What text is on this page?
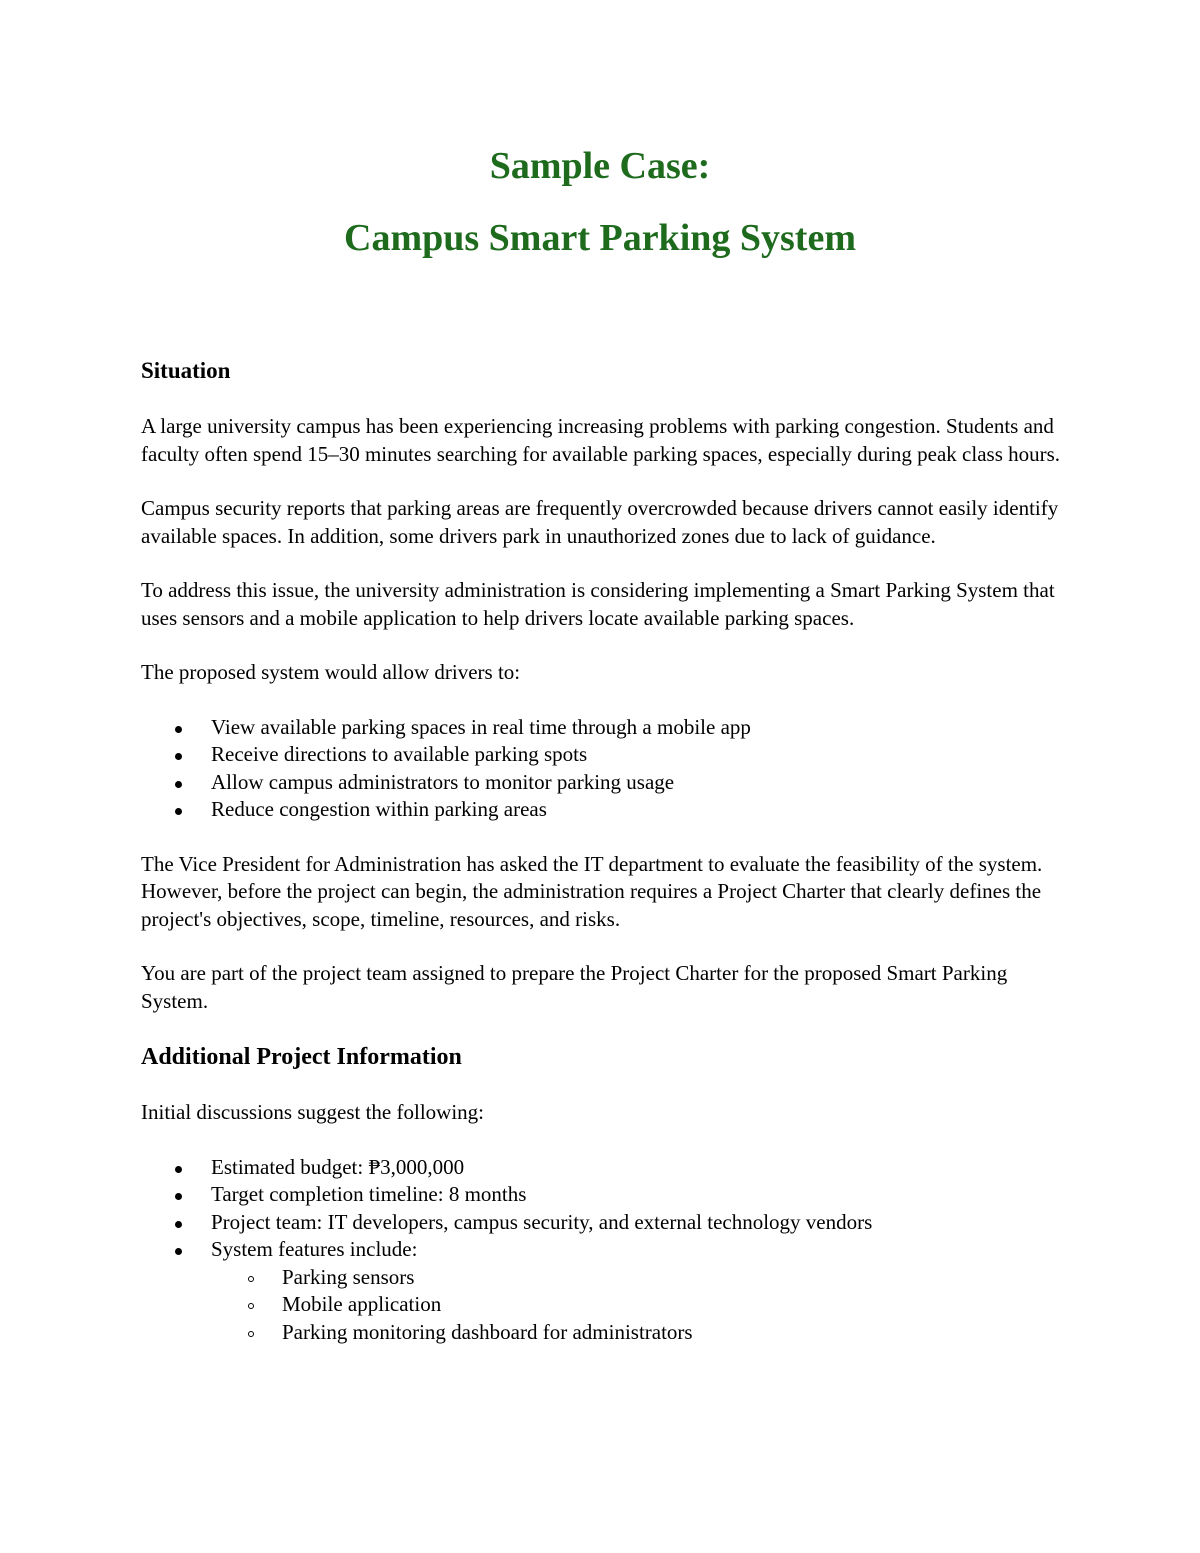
Sample Case:
Campus Smart Parking System
Situation

A large university campus has been experiencing increasing problems with parking congestion. Students and faculty often spend 15–30 minutes searching for available parking spaces, especially during peak class hours.

Campus security reports that parking areas are frequently overcrowded because drivers cannot easily identify available spaces. In addition, some drivers park in unauthorized zones due to lack of guidance.

To address this issue, the university administration is considering implementing a Smart Parking System that uses sensors and a mobile application to help drivers locate available parking spaces.

The proposed system would allow drivers to:

View available parking spaces in real time through a mobile app
Receive directions to available parking spots
Allow campus administrators to monitor parking usage
Reduce congestion within parking areas

The Vice President for Administration has asked the IT department to evaluate the feasibility of the system. However, before the project can begin, the administration requires a Project Charter that clearly defines the project's objectives, scope, timeline, resources, and risks.

You are part of the project team assigned to prepare the Project Charter for the proposed Smart Parking System.

Additional Project Information

Initial discussions suggest the following:

Estimated budget: ₱3,000,000
Target completion timeline: 8 months
Project team: IT developers, campus security, and external technology vendors
System features include:
Parking sensors
Mobile application
Parking monitoring dashboard for administrators
